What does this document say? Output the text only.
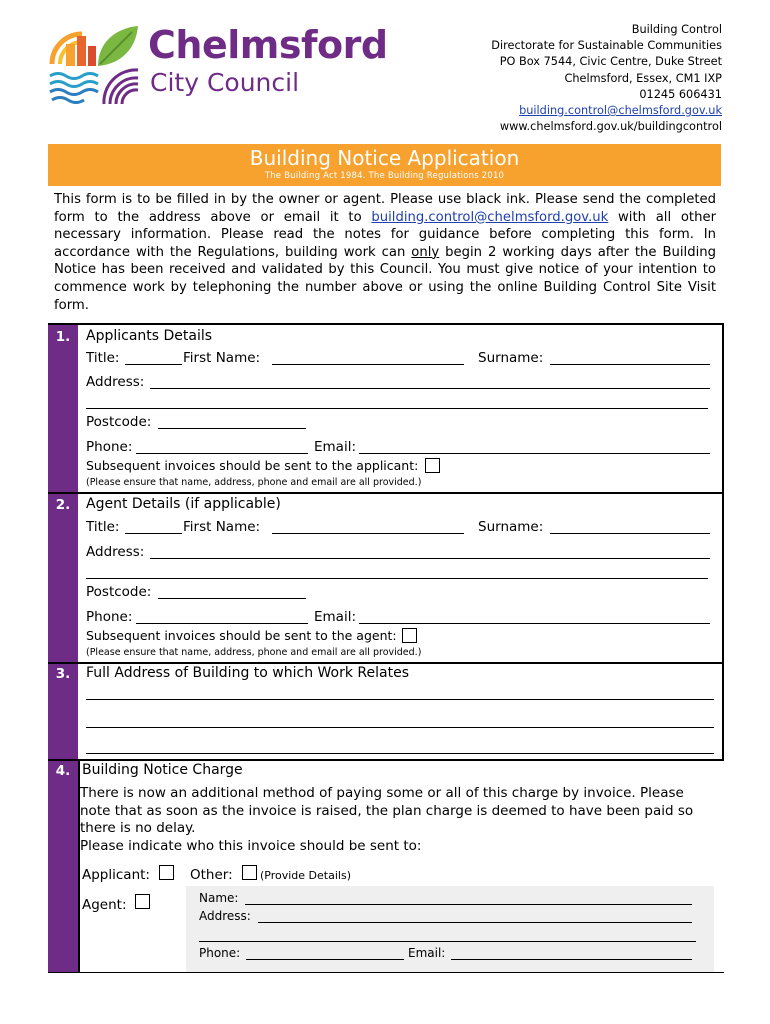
Chelmsford
City Council
Building Control
Directorate for Sustainable Communities
PO Box 7544, Civic Centre, Duke Street
Chelmsford, Essex, CM1 IXP
01245 606431
building.control@chelmsford.gov.uk
www.chelmsford.gov.uk/buildingcontrol
Building Notice Application
The Building Act 1984. The Building Regulations 2010
This form is to be filled in by the owner or agent. Please use black ink. Please send the completed form to the address above or email it to building.control@chelmsford.gov.uk with all other necessary information. Please read the notes for guidance before completing this form. In accordance with the Regulations, building work can only begin 2 working days after the Building Notice has been received and validated by this Council. You must give notice of your intention to commence work by telephoning the number above or using the online Building Control Site Visit form.
1.	Applicants Details
Title:	First Name:	Surname:
Address:
Postcode:
Phone:	Email:
Subsequent invoices should be sent to the applicant:
(Please ensure that name, address, phone and email are all provided.)
2.	Agent Details (if applicable)
Title:	First Name:	Surname:
Address:
Postcode:
Phone:	Email:
Subsequent invoices should be sent to the agent:
(Please ensure that name, address, phone and email are all provided.)
3.	Full Address of Building to which Work Relates
4. Building Notice Charge
There is now an additional method of paying some or all of this charge by invoice. Please note that as soon as the invoice is raised, the plan charge is deemed to have been paid so there is no delay.
Please indicate who this invoice should be sent to:
Applicant:	Other: (Provide Details)
Agent:	Name:
Address:
Phone:	Email:
